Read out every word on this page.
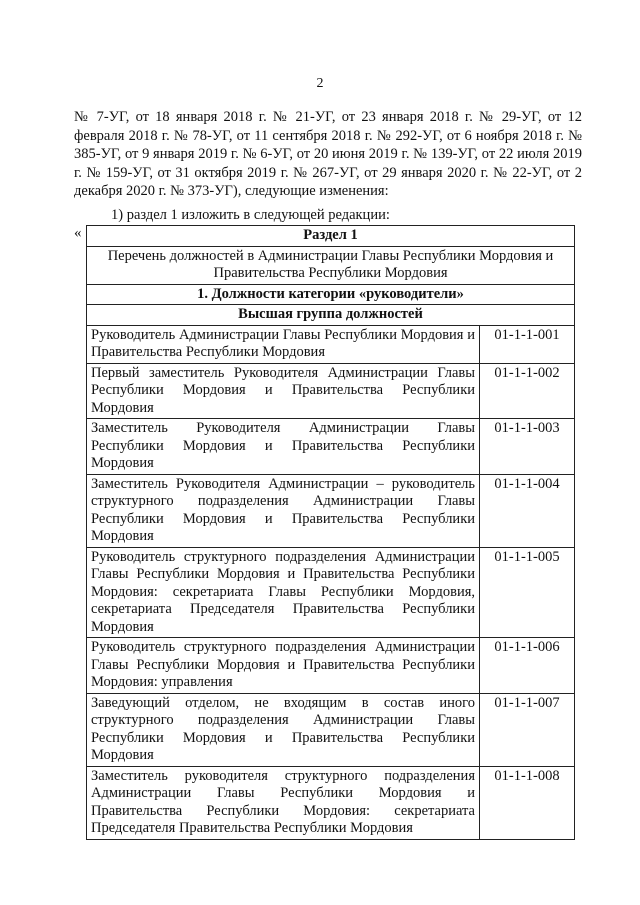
2

№ 7-УГ, от 18 января 2018 г. № 21-УГ, от 23 января 2018 г. № 29-УГ, от 12 февраля 2018 г. № 78-УГ, от 11 сентября 2018 г. № 292-УГ, от 6 ноября 2018 г. № 385-УГ, от 9 января 2019 г. № 6-УГ, от 20 июня 2019 г. № 139-УГ, от 22 июля 2019 г. № 159-УГ, от 31 октября 2019 г. № 267-УГ, от 29 января 2020 г. № 22-УГ, от 2 декабря 2020 г. № 373-УГ), следующие изменения:

1) раздел 1 изложить в следующей редакции:
«	Раздел 1	
Перечень должностей в Администрации Главы Республики Мордовия и Правительства Республики Мордовия	
1. Должности категории «руководители»	
Высшая группа должностей	
Руководитель Администрации Главы Республики Мордовия и Правительства Республики Мордовия	01-1-1-001
Первый заместитель Руководителя Администрации Главы Республики Мордовия и Правительства Республики Мордовия	01-1-1-002
Заместитель Руководителя Администрации Главы Республики Мордовия и Правительства Республики Мордовия	01-1-1-003
Заместитель Руководителя Администрации – руководитель структурного подразделения Администрации Главы Республики Мордовия и Правительства Республики Мордовия	01-1-1-004
Руководитель структурного подразделения Администрации Главы Республики Мордовия и Правительства Республики Мордовия: секретариата Главы Республики Мордовия, секретариата Председателя Правительства Республики Мордовия	01-1-1-005
Руководитель структурного подразделения Администрации Главы Республики Мордовия и Правительства Республики Мордовия: управления	01-1-1-006
Заведующий отделом, не входящим в состав иного структурного подразделения Администрации Главы Республики Мордовия и Правительства Республики Мордовия	01-1-1-007
Заместитель руководителя структурного подразделения Администрации Главы Республики Мордовия и Правительства Республики Мордовия: секретариата Председателя Правительства Республики Мордовия	01-1-1-008
